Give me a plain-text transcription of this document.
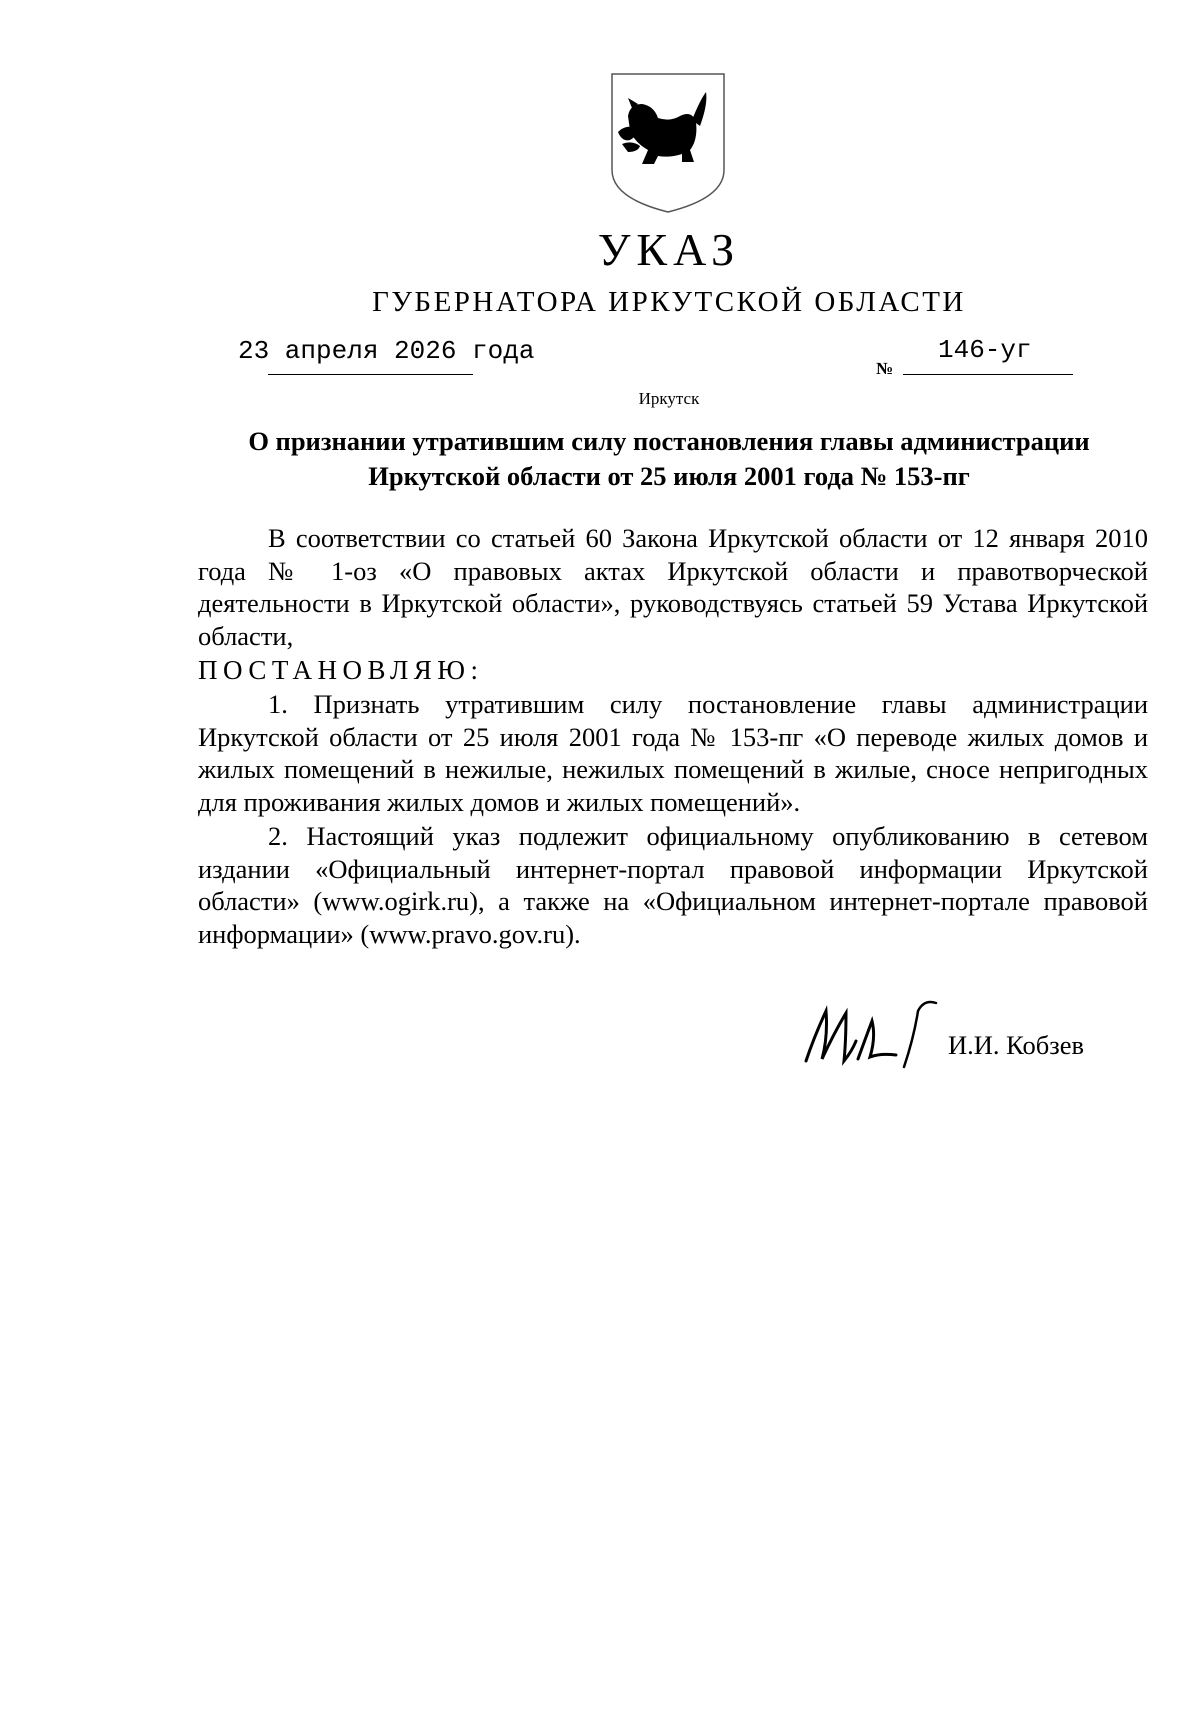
УКАЗ
ГУБЕРНАТОРА ИРКУТСКОЙ ОБЛАСТИ
23 апреля 2026 года
№
146-уг
Иркутск
О признании утратившим силу постановления главы администрации Иркутской области от 25 июля 2001 года № 153-пг

В соответствии со статьей 60 Закона Иркутской области от 12 января 2010 года № 1-оз «О правовых актах Иркутской области и правотворческой деятельности в Иркутской области», руководствуясь статьей 59 Устава Иркутской области,

ПОСТАНОВЛЯЮ:

1. Признать утратившим силу постановление главы администрации Иркутской области от 25 июля 2001 года № 153-пг «О переводе жилых домов и жилых помещений в нежилые, нежилых помещений в жилые, сносе непригодных для проживания жилых домов и жилых помещений».

2. Настоящий указ подлежит официальному опубликованию в сетевом издании «Официальный интернет-портал правовой информации Иркутской области» (www.ogirk.ru), а также на «Официальном интернет-портале правовой информации» (www.pravo.gov.ru).

И.И. Кобзев
